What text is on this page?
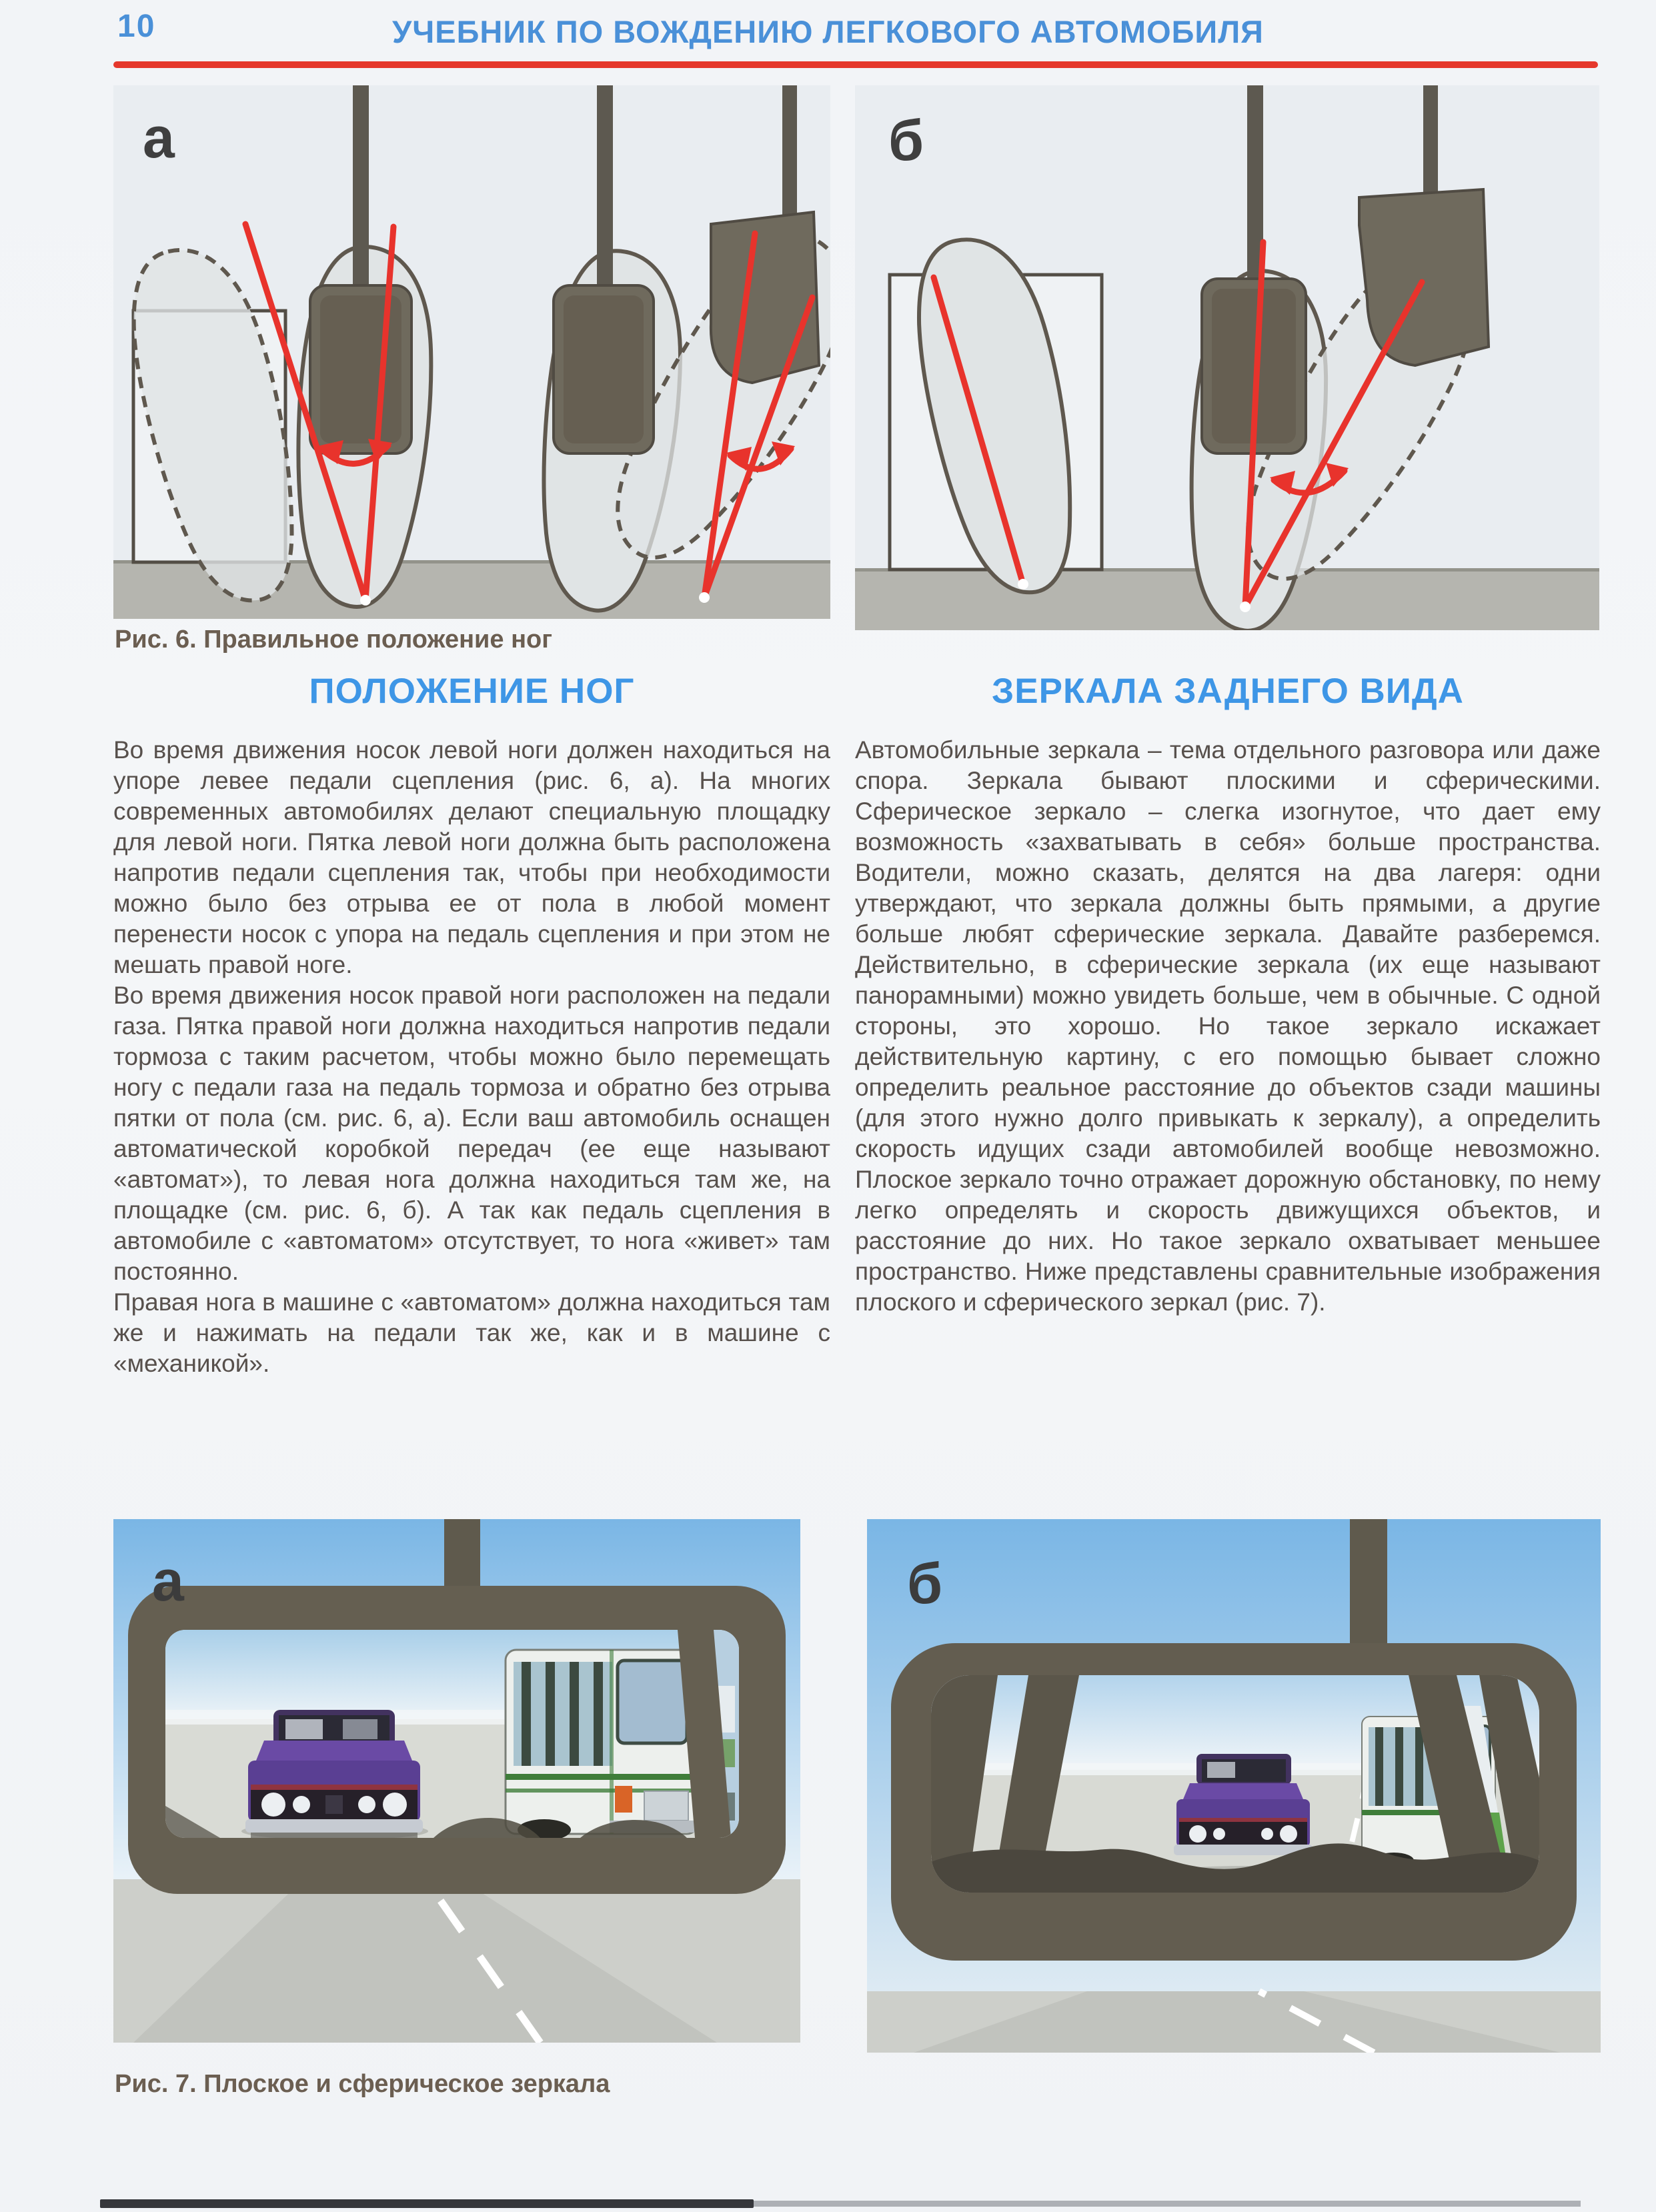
10	УЧЕБНИК ПО ВОЖДЕНИЮ ЛЕГКОВОГО АВТОМОБИЛЯ
а	б
Рис. 6. Правильное положение ног
ПОЛОЖЕНИЕ НОГ	ЗЕРКАЛА ЗАДНЕГО ВИДА

Во время движения носок левой ноги должен находиться на упоре левее педали сцепления (рис. 6, а). На многих современных автомобилях делают специальную площадку для левой ноги. Пятка левой ноги должна быть расположена напротив педали сцепления так, чтобы при необходимости можно было без отрыва ее от пола в любой момент перенести носок с упора на педаль сцепления и при этом не мешать правой ноге.

Во время движения носок правой ноги расположен на педали газа. Пятка правой ноги должна находиться напротив педали тормоза с таким расчетом, чтобы можно было перемещать ногу с педали газа на педаль тормоза и обратно без отрыва пятки от пола (см. рис. 6, а). Если ваш автомобиль оснащен автоматической коробкой передач (ее еще называют «автомат»), то левая нога должна находиться там же, на площадке (см. рис. 6, б). А так как педаль сцепления в автомобиле с «автоматом» отсутствует, то нога «живет» там постоянно.

Правая нога в машине с «автоматом» должна находиться там же и нажимать на педали так же, как и в машине с «механикой».

Автомобильные зеркала – тема отдельного разговора или даже спора. Зеркала бывают плоскими и сферическими. Сферическое зеркало – слегка изогнутое, что дает ему возможность «захватывать в себя» больше пространства. Водители, можно сказать, делятся на два лагеря: одни утверждают, что зеркала должны быть прямыми, а другие больше любят сферические зеркала. Давайте разберемся. Действительно, в сферические зеркала (их еще называют панорамными) можно увидеть больше, чем в обычные. С одной стороны, это хорошо. Но такое зеркало искажает действительную картину, с его помощью бывает сложно определить реальное расстояние до объектов сзади машины (для этого нужно долго привыкать к зеркалу), а определить скорость идущих сзади автомобилей вообще невозможно. Плоское зеркало точно отражает дорожную обстановку, по нему легко определять и скорость движущихся объектов, и расстояние до них. Но такое зеркало охватывает меньшее пространство. Ниже представлены сравнительные изображения плоского и сферического зеркал (рис. 7).

а	б
Рис. 7. Плоское и сферическое зеркала
